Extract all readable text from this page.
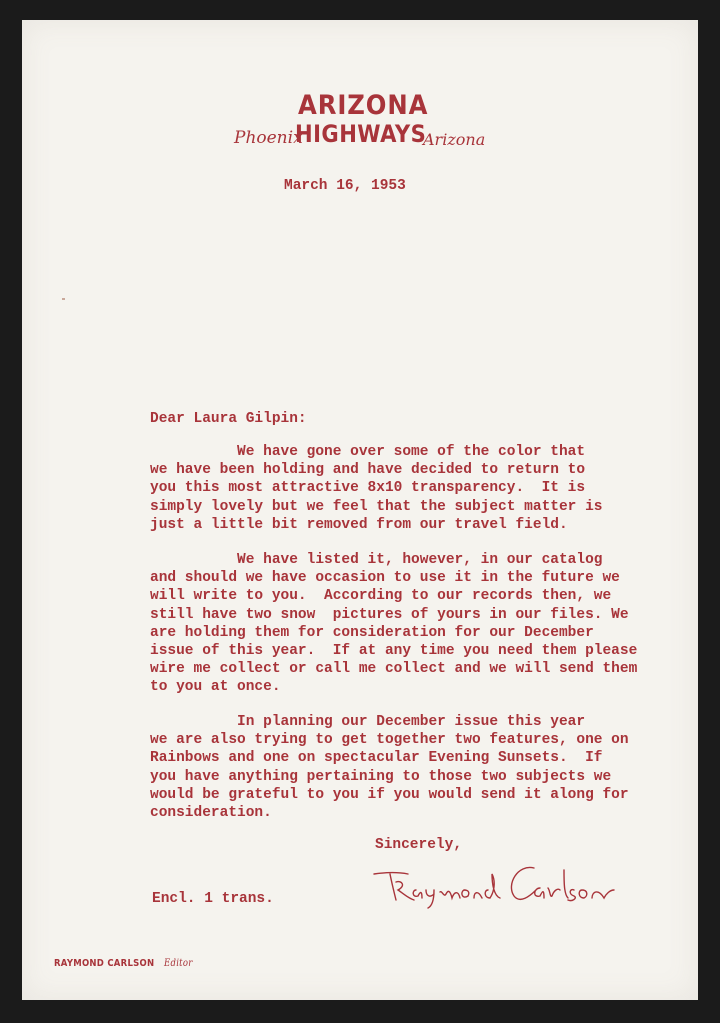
ARIZONA
Phoenix
HIGHWAYS
Arizona
March 16, 1953
Dear Laura Gilpin:
We have gone over some of the color that
we have been holding and have decided to return to
you this most attractive 8x10 transparency.  It is
simply lovely but we feel that the subject matter is
just a little bit removed from our travel field.
We have listed it, however, in our catalog
and should we have occasion to use it in the future we
will write to you.  According to our records then, we
still have two snow  pictures of yours in our files. We
are holding them for consideration for our December
issue of this year.  If at any time you need them please
wire me collect or call me collect and we will send them
to you at once.
In planning our December issue this year
we are also trying to get together two features, one on
Rainbows and one on spectacular Evening Sunsets.  If
you have anything pertaining to those two subjects we
would be grateful to you if you would send it along for
consideration.
Sincerely,
Encl. 1 trans.
RAYMOND CARLSON Editor
